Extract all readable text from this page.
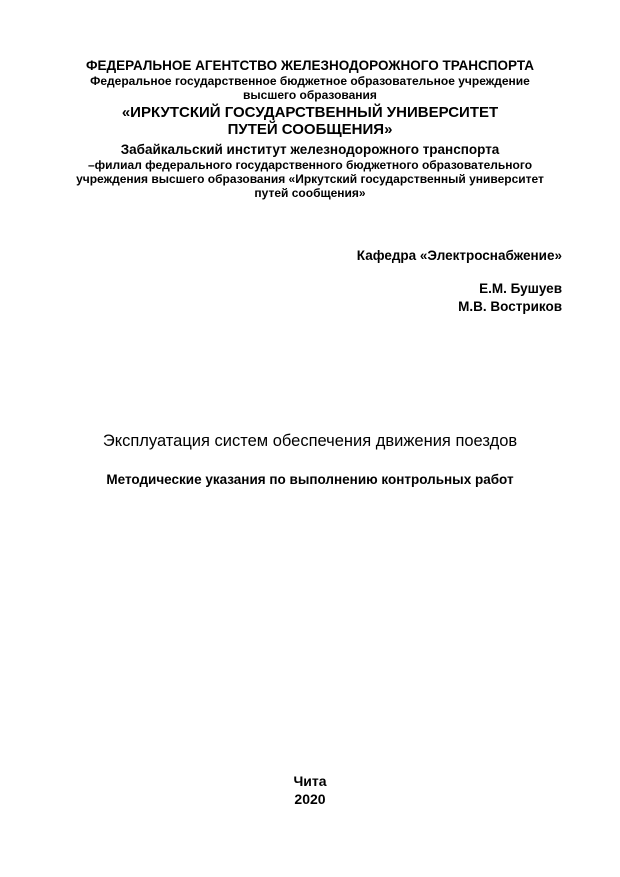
ФЕДЕРАЛЬНОЕ АГЕНТСТВО ЖЕЛЕЗНОДОРОЖНОГО ТРАНСПОРТА
Федеральное государственное бюджетное образовательное учреждение
высшего образования
«ИРКУТСКИЙ ГОСУДАРСТВЕННЫЙ УНИВЕРСИТЕТ ПУТЕЙ СООБЩЕНИЯ»
Забайкальский институт железнодорожного транспорта
–филиал федерального государственного бюджетного образовательного
учреждения высшего образования «Иркутский государственный университет
путей сообщения»
Кафедра «Электроснабжение»
Е.М. Бушуев
М.В. Востриков
Эксплуатация систем обеспечения движения поездов
Методические указания по выполнению контрольных работ
Чита
2020
